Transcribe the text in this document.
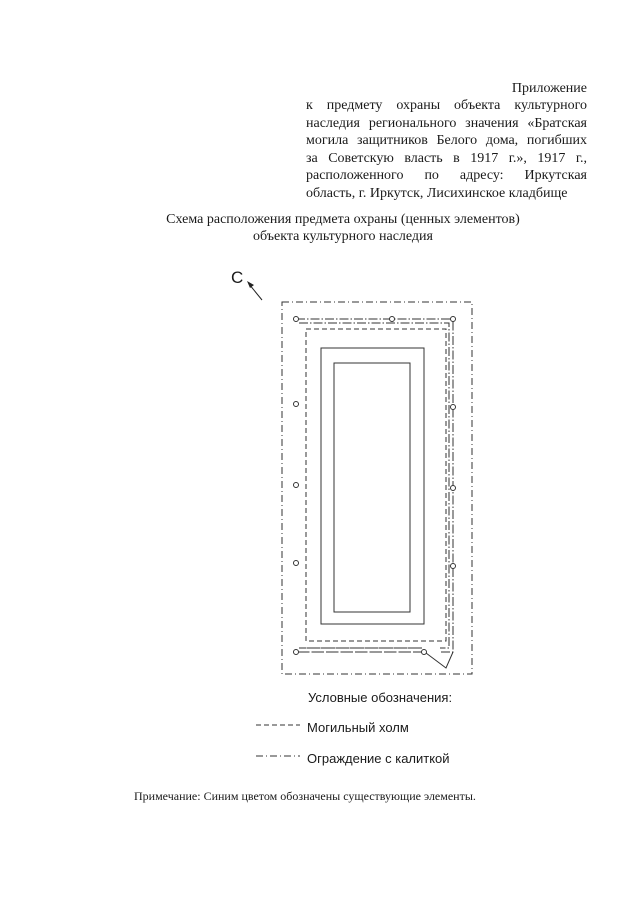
Приложение
к предмету охраны объекта культурного
наследия регионального значения «Братская
могила защитников Белого дома, погибших
за Советскую власть в 1917 г.», 1917 г.,
расположенного по адресу: Иркутская
область, г. Иркутск, Лисихинское кладбище
Схема расположения предмета охраны (ценных элементов)
объекта культурного наследия
С
Условные обозначения:
Могильный холм
Ограждение с калиткой
Примечание: Синим цветом обозначены существующие элементы.
